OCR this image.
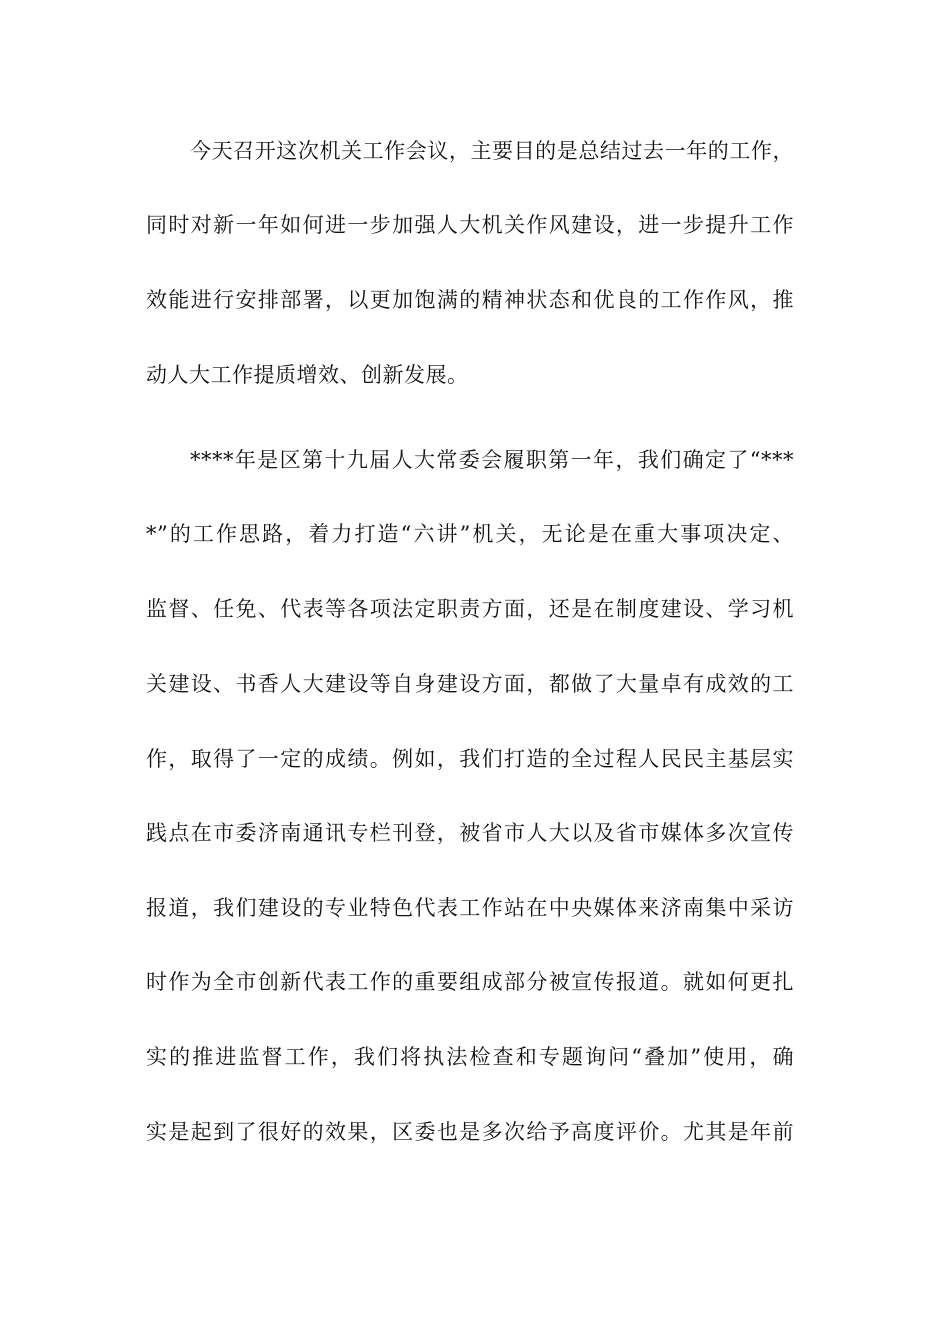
今天召开这次机关工作会议，主要目的是总结过去一年的工作，
同时对新一年如何进一步加强人大机关作风建设，进一步提升工作
效能进行安排部署，以更加饱满的精神状态和优良的工作作风，推
动人大工作提质增效、创新发展。
****年是区第十九届人大常委会履职第一年，我们确定了“***
*”的工作思路，着力打造“六讲”机关，无论是在重大事项决定、
监督、任免、代表等各项法定职责方面，还是在制度建设、学习机
关建设、书香人大建设等自身建设方面，都做了大量卓有成效的工
作，取得了一定的成绩。例如，我们打造的全过程人民民主基层实
践点在市委济南通讯专栏刊登，被省市人大以及省市媒体多次宣传
报道，我们建设的专业特色代表工作站在中央媒体来济南集中采访
时作为全市创新代表工作的重要组成部分被宣传报道。就如何更扎
实的推进监督工作，我们将执法检查和专题询问“叠加”使用，确
实是起到了很好的效果，区委也是多次给予高度评价。尤其是年前
